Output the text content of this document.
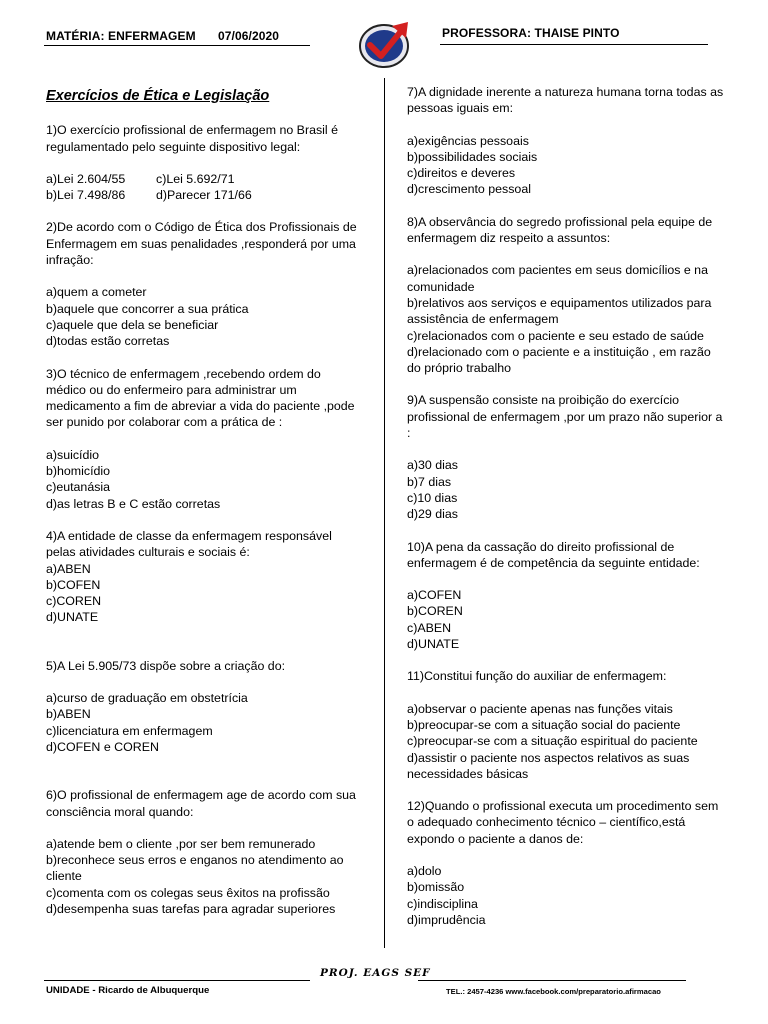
MATÉRIA: ENFERMAGEM 07/06/2020	PROFESSORA: THAISE PINTO

Exercícios de Ética e Legislação

1)O exercício profissional de enfermagem no Brasil é regulamentado pelo seguinte dispositivo legal:

a)Lei 2.604/55	c)Lei 5.692/71

b)Lei 7.498/86	d)Parecer 171/66

2)De acordo com o Código de Ética dos Profissionais de Enfermagem em suas penalidades ,responderá por uma infração:

a)quem a cometer

b)aquele que concorrer a sua prática

c)aquele que dela se beneficiar

d)todas estão corretas

3)O técnico de enfermagem ,recebendo ordem do médico ou do enfermeiro para administrar um medicamento a fim de abreviar a vida do paciente ,pode ser punido por colaborar com a prática de :

a)suicídio

b)homicídio

c)eutanásia

d)as letras B e C estão corretas

4)A entidade de classe da enfermagem responsável pelas atividades culturais e sociais é:

a)ABEN

b)COFEN

c)COREN

d)UNATE

5)A Lei 5.905/73 dispõe sobre a criação do:

a)curso de graduação em obstetrícia

b)ABEN

c)licenciatura em enfermagem

d)COFEN e COREN

6)O profissional de enfermagem age de acordo com sua consciência moral quando:

a)atende bem o cliente ,por ser bem remunerado

b)reconhece seus erros e enganos no atendimento ao cliente

c)comenta com os colegas seus êxitos na profissão

d)desempenha suas tarefas para agradar superiores

7)A dignidade inerente a natureza humana torna todas as pessoas iguais em:

a)exigências pessoais

b)possibilidades sociais

c)direitos e deveres

d)crescimento pessoal

8)A observância do segredo profissional pela equipe de enfermagem diz respeito a assuntos:

a)relacionados com pacientes em seus domicílios e na comunidade

b)relativos aos serviços e equipamentos utilizados para assistência de enfermagem

c)relacionados com o paciente e seu estado de saúde

d)relacionado com o paciente e a instituição , em razão do próprio trabalho

9)A suspensão consiste na proibição do exercício profissional de enfermagem ,por um prazo não superior a :

a)30 dias

b)7 dias

c)10 dias

d)29 dias

10)A pena da cassação do direito profissional de enfermagem é de competência da seguinte entidade:

a)COFEN

b)COREN

c)ABEN

d)UNATE

11)Constitui função do auxiliar de enfermagem:

a)observar o paciente apenas nas funções vitais

b)preocupar-se com a situação social do paciente

c)preocupar-se com a situação espiritual do paciente

d)assistir o paciente nos aspectos relativos as suas necessidades básicas

12)Quando o profissional executa um procedimento sem o adequado conhecimento técnico – científico,está expondo o paciente a danos de:

a)dolo

b)omissão

c)indisciplina

d)imprudência

PROJ. EAGS SEF
UNIDADE - Ricardo de Albuquerque	TEL.: 2457-4236 www.facebook.com/preparatorio.afirmacao
